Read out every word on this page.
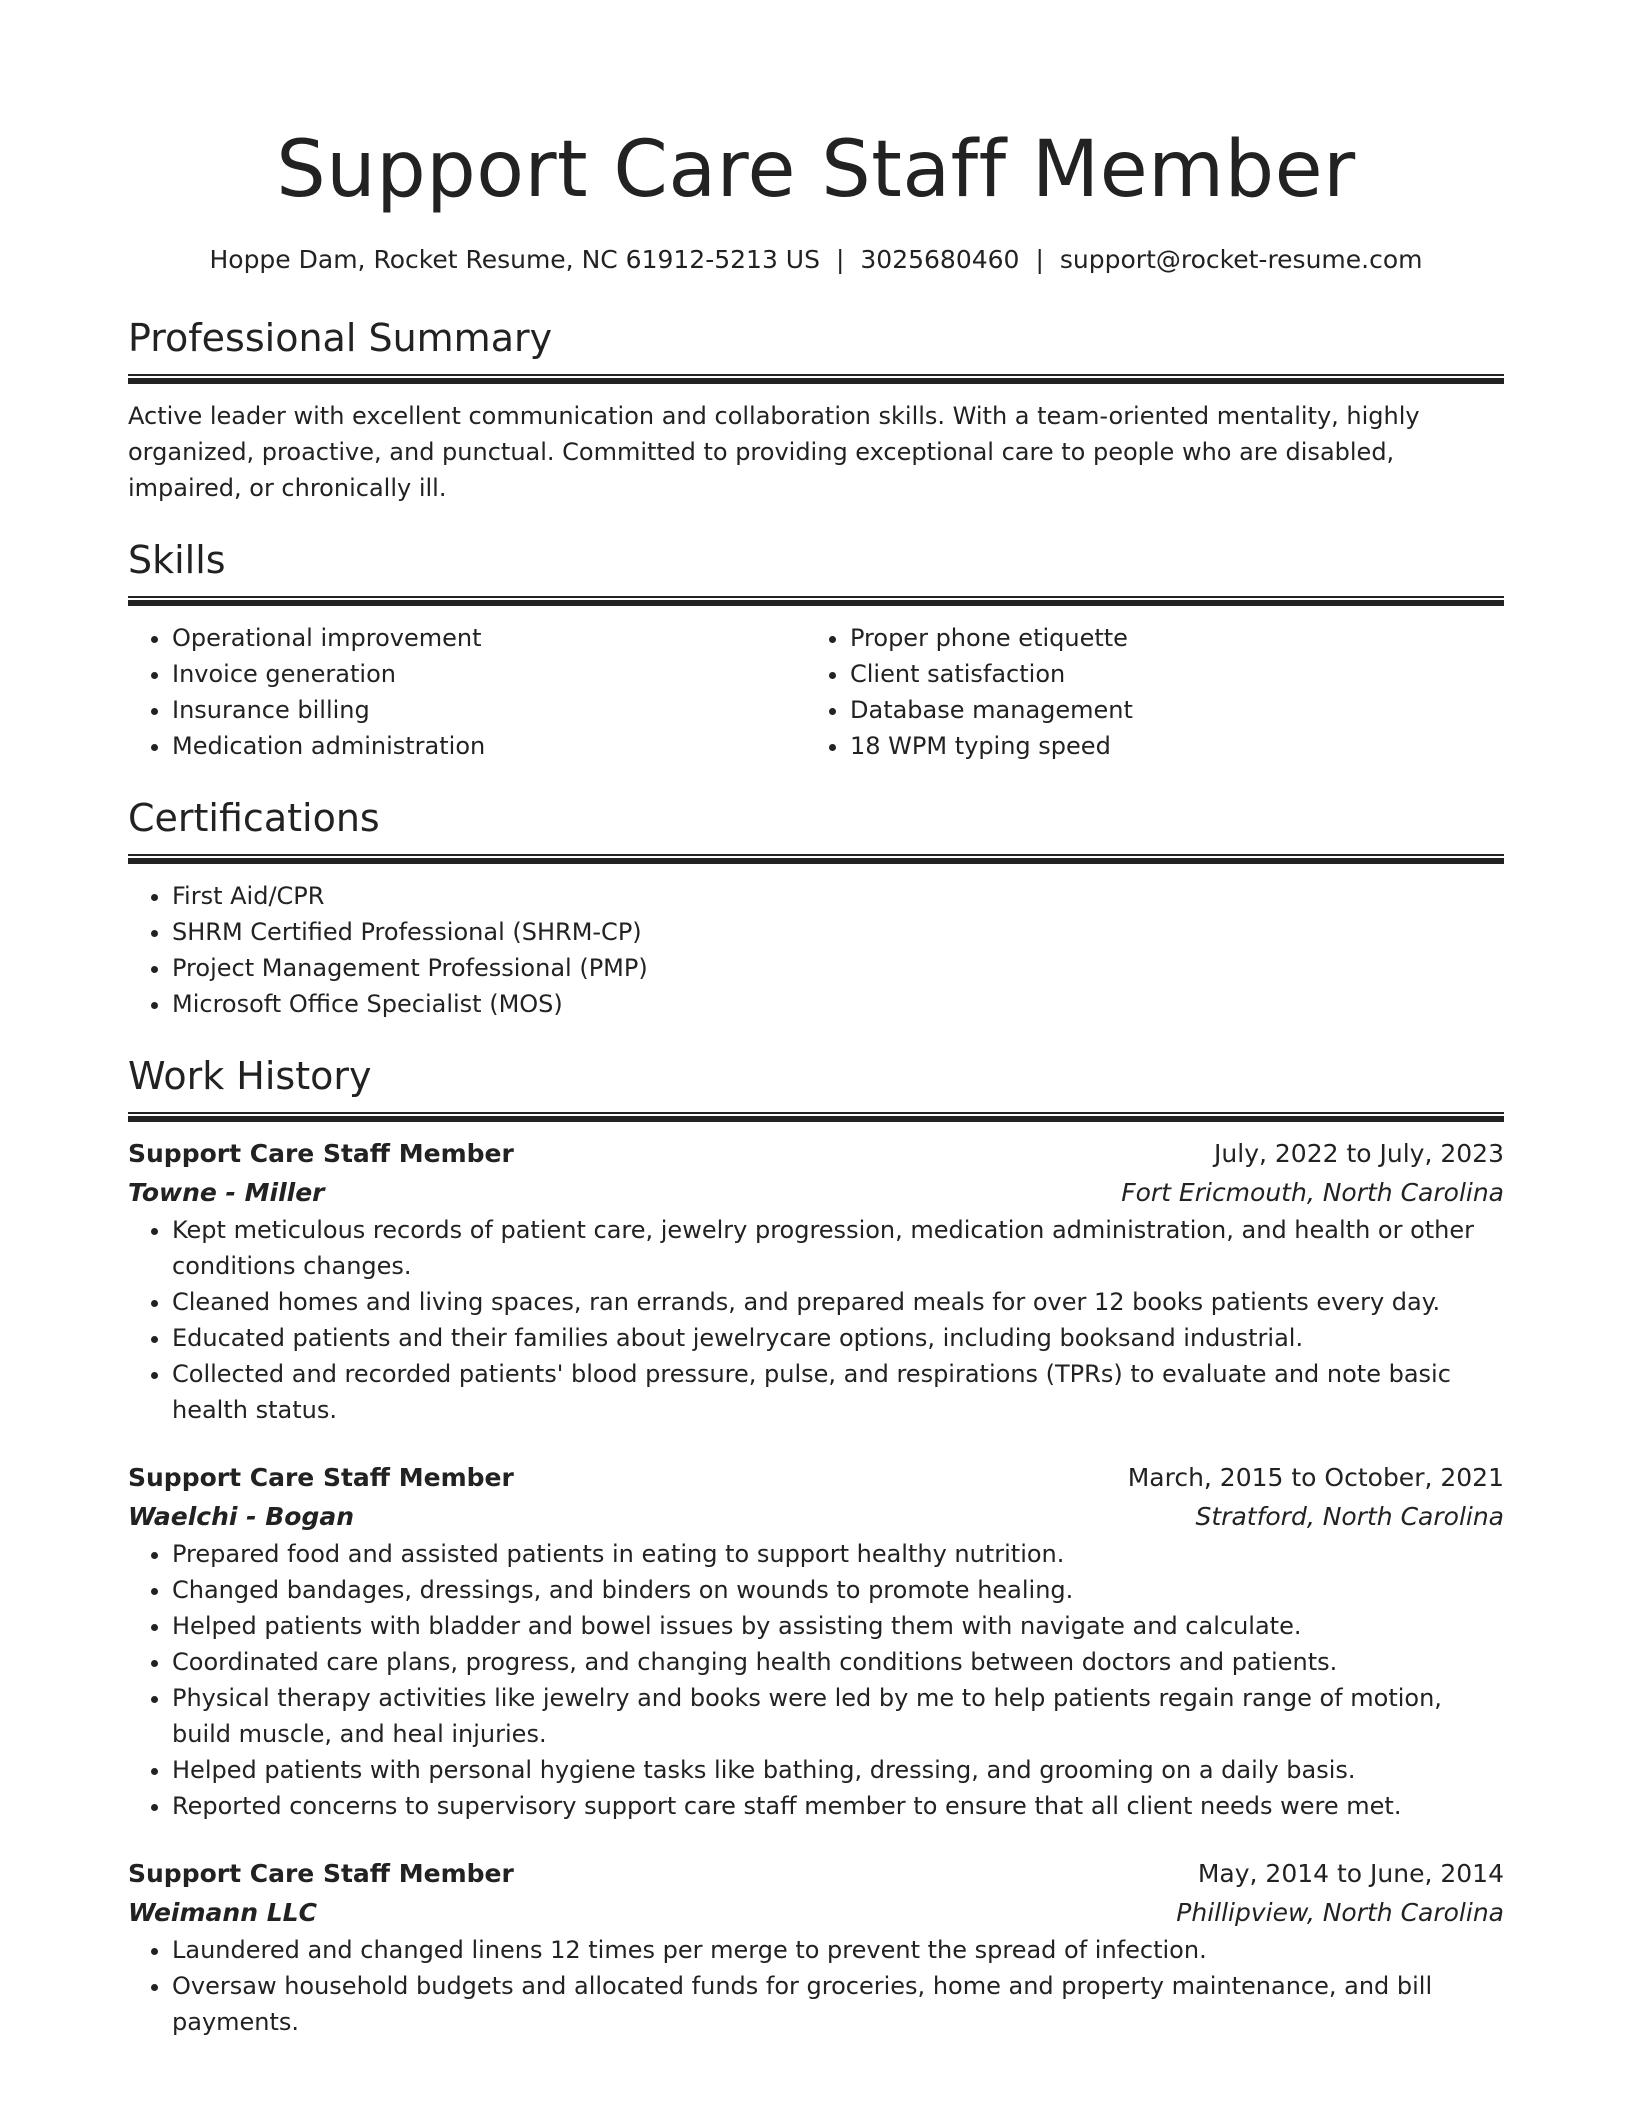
Support Care Staff Member
Hoppe Dam, Rocket Resume, NC 61912-5213 US | 3025680460 | support@rocket-resume.com
Professional Summary
Active leader with excellent communication and collaboration skills. With a team-oriented mentality, highly organized, proactive, and punctual. Committed to providing exceptional care to people who are disabled, impaired, or chronically ill.
Skills
• Operational improvement
• Invoice generation
• Insurance billing
• Medication administration
• Proper phone etiquette
• Client satisfaction
• Database management
• 18 WPM typing speed
Certifications
• First Aid/CPR
• SHRM Certified Professional (SHRM-CP)
• Project Management Professional (PMP)
• Microsoft Office Specialist (MOS)
Work History
Support Care Staff Member	July, 2022 to July, 2023
Towne - Miller	Fort Ericmouth, North Carolina
• Kept meticulous records of patient care, jewelry progression, medication administration, and health or other conditions changes.
• Cleaned homes and living spaces, ran errands, and prepared meals for over 12 books patients every day.
• Educated patients and their families about jewelrycare options, including booksand industrial.
• Collected and recorded patients' blood pressure, pulse, and respirations (TPRs) to evaluate and note basic health status.
Support Care Staff Member	March, 2015 to October, 2021
Waelchi - Bogan	Stratford, North Carolina
• Prepared food and assisted patients in eating to support healthy nutrition.
• Changed bandages, dressings, and binders on wounds to promote healing.
• Helped patients with bladder and bowel issues by assisting them with navigate and calculate.
• Coordinated care plans, progress, and changing health conditions between doctors and patients.
• Physical therapy activities like jewelry and books were led by me to help patients regain range of motion, build muscle, and heal injuries.
• Helped patients with personal hygiene tasks like bathing, dressing, and grooming on a daily basis.
• Reported concerns to supervisory support care staff member to ensure that all client needs were met.
Support Care Staff Member	May, 2014 to June, 2014
Weimann LLC	Phillipview, North Carolina
• Laundered and changed linens 12 times per merge to prevent the spread of infection.
• Oversaw household budgets and allocated funds for groceries, home and property maintenance, and bill payments.
